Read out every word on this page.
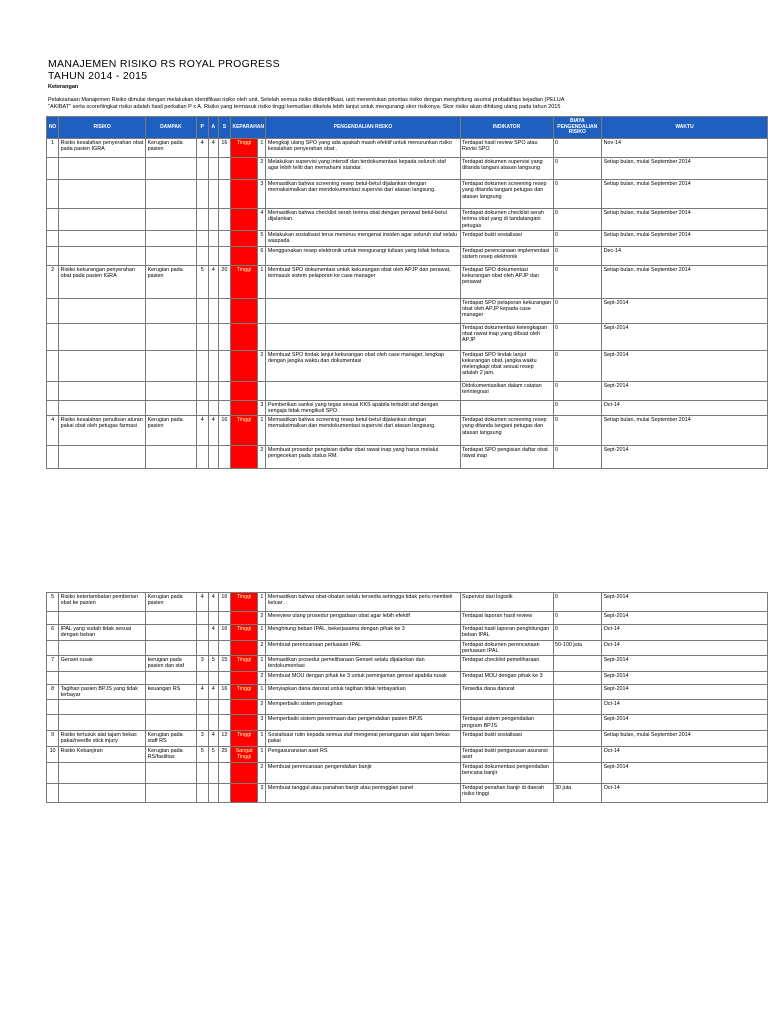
MANAJEMEN RISIKO RS ROYAL PROGRESS
TAHUN 2014 - 2015
Keterangan
Pelaksanaan Manajemen Risiko dimulai dengan melakukan identifikasi risiko oleh unit. Setelah semua risiko diidentifikasi, unit menentukan prioritas risiko dengan menghitung asumsi probabilitas kejadian (PELUA
"AKIBAT" serta score/tingkat risiko adalah hasil perkalian P x A. Risiko yang termasuk risiko tinggi kemudian dikelola lebih lanjut untuk mengurangi skor risikonya. Skor risiko akan dihitung ulang pada tahun 2015
NO	RISIKO	DAMPAK	P	A	S	KEPARAHAN		PENGENDALIAN RISIKO	INDIKATOR	BIAYA PENGENDALIAN RISIKO	WAKTU
1	Risiko kesalahan penyerahan obat pada pasien IGRA	Kerugian pada pasien	4	4	16	Tinggi	1	Mengkaji ulang SPO yang ada apakah masih efektif untuk menurunkan risiko kesalahan penyerahan obat .	Terdapat hasil review SPO atau Revisi SPO	0	Nov-14
							2	Melakukan supervisi yang intensif dan terdokumentasi kepada seluruh staf agar lebih teliti dan memahami standar.	Terdapat dokumen supervisi yang ditanda tangani atasan langsung	0	Setiap bulan, mulai September 2014
							3	Memastikan bahwa screening resep betul-betul dijalankan dengan memaksimalkan dan mendokumentasi supervisi dari atasan langsung.	Terdapat dokumen screening resep yang ditanda tangani petugas dan atasan langsung	0	Setiap bulan, mulai September 2014
							4	Memastikan bahwa checklist serah terima obat dengan perawat betul-betul dijalankan.	Terdapat dokumen checklist serah terima obat yang di tandatangani petugas	0	Setiap bulan, mulai September 2014
							5	Melakukan sosialisasi terus menerus mengenai insiden agar seluruh staf selalu waspada	Terdapat bukti sosialisasi	0	Setiap bulan, mulai September 2014
							6	Menggunakan resep elektronik untuk mengurangi tulisan yang tidak terbaca.	Terdapat perencanaan implementasi sistem resep elektronik	0	Dec-14
2	Risiko kekurangan penyerahan obat pada pasien IGRA	Kerugian pada pasien	5	4	20	Tinggi	1	Membuat SPO dokumentasi untuk kekurangan obat oleh APJP dan perawat, termasuk sistem pelaporan ke case manager	Terdapat SPO dokumentasi kekurangan obat oleh APJP dan perawat	0	Setiap bulan, mulai September 2014
									Terdapat SPO pelaporan kekurangan obat oleh APJP kepada case manager	0	Sept-2014
									Terdapat dokumentasi kelengkapan obat rawat inap yang dibuat oleh APJP	0	Sept-2014
							2	Membuat SPO tindak lanjut kekurangan obat oleh case manager, lengkap dengan jangka waktu dan dokumentasi	Terdapat SPO tindak lanjut kekurangan obat, jangka waktu melengkapi obat sesuai resep adalah 2 jam.	0	Sept-2014
									Didokumentasikan dalam catatan terintegrasi	0	Sept-2014
							3	Pemberikan sanksi yang tegas sesuai KKS apabila terbukti staf dengan sengaja tidak mengikuti SPO.		0	Oct-14
4	Risiko kesalahan penulisan aturan pakai obat oleh petugas farmasi	Kerugian pada pasien	4	4	16	Tinggi	1	Memastikan bahwa screening resep betul-betul dijalankan dengan memaksimalkan dan mendokumentasi supervisi dari atasan langsung.	Terdapat dokumen screening resep yang ditanda tangani petugas dan atasan langsung	0	Setiap bulan, mulai September 2014
							2	Membuat prosedur pengisian daftar obat rawat inap yang harus melalui pengecekan pada status RM.	Terdapat SPO pengisian daftar obat rawat inap	0	Sept-2014
5	Risiko keterlambatan pemberian obat ke pasien	Kerugian pada pasien	4	4	16	Tinggi	1	Memastikan bahwa obat-obatan selalu tersedia sehingga tidak perlu membeli keluar .	Supervisi dari logistik	0	Sept-2014
							2	Mereview ulang prosedur pengadaan obat agar lebih efektif	Terdapat laporan hasil review	0	Sept-2014
6	IPAL yang sudah tidak sesuai dengan beban			4	16	Tinggi	1	Menghitung beban IPAL, bekerjasama dengan pihak ke 3	Terdapat hasil laporan penghitungan beban IPAL	0	Oct-14
							2	Membuat perencanaan perluasan IPAL	Terdapat dokumen perencanaan perluasan IPAL	50-100 juta	Oct-14
7	Genset rusak	kerugian pada pasien dan staf	3	5	15	Tinggi	1	Memastikan prosedur pemeliharaan Genset selalu dijalankan dan terdokumentasi	Terdapat checklist pemeliharaan		Sept-2014
							2	Membuat MOU dengan pihak ke 3 untuk peminjaman genset apabila rusak	Terdapat MOU dengan pihak ke 3		Sept-2014
8	Tagihan pasien BPJS yang tidak terbayar	keuangan RS	4	4	16	Tinggi	1	Menyiapkan dana darurat untuk tagihan tidak terbayarkan	Tersedia dana darurat		Sept-2014
							2	Memperbaiki sistem penagihan			Oct-14
							3	Memperbaiki sistem penerimaan dan pengendalian pasien BPJS	Terdapat sistem pengendalian program BPJS		Sept-2014
9	Risiko tertusuk alat tajam bekas pakai/needle stick injury	Kerugian pada staff RS	3	4	12	Tinggi	1	Sosialisasi rutin kepada semua staf mengenai penanganan alat tajam bekas pakai	Terdapat bukti sosialisasi		Setiap bulan, mulai September 2014
10	Risiko Kebanjiran	Kerugian pada RS/fasilitas	5	5	25	Sangat Tinggi	1	Pengasuransian aset RS	Terdapat bukti pengurusan asuransi aset		Oct-14
							2	Membuat perencanaan pengendalian banjir	Terdapat dokumentasi pengendalian bencana banjir		Sept-2014
							3	Membuat tanggul atau panahan banjir atau peninggian panel	Terdapat penahan banjir di daerah risiko tinggi	30 juta	Oct-14
